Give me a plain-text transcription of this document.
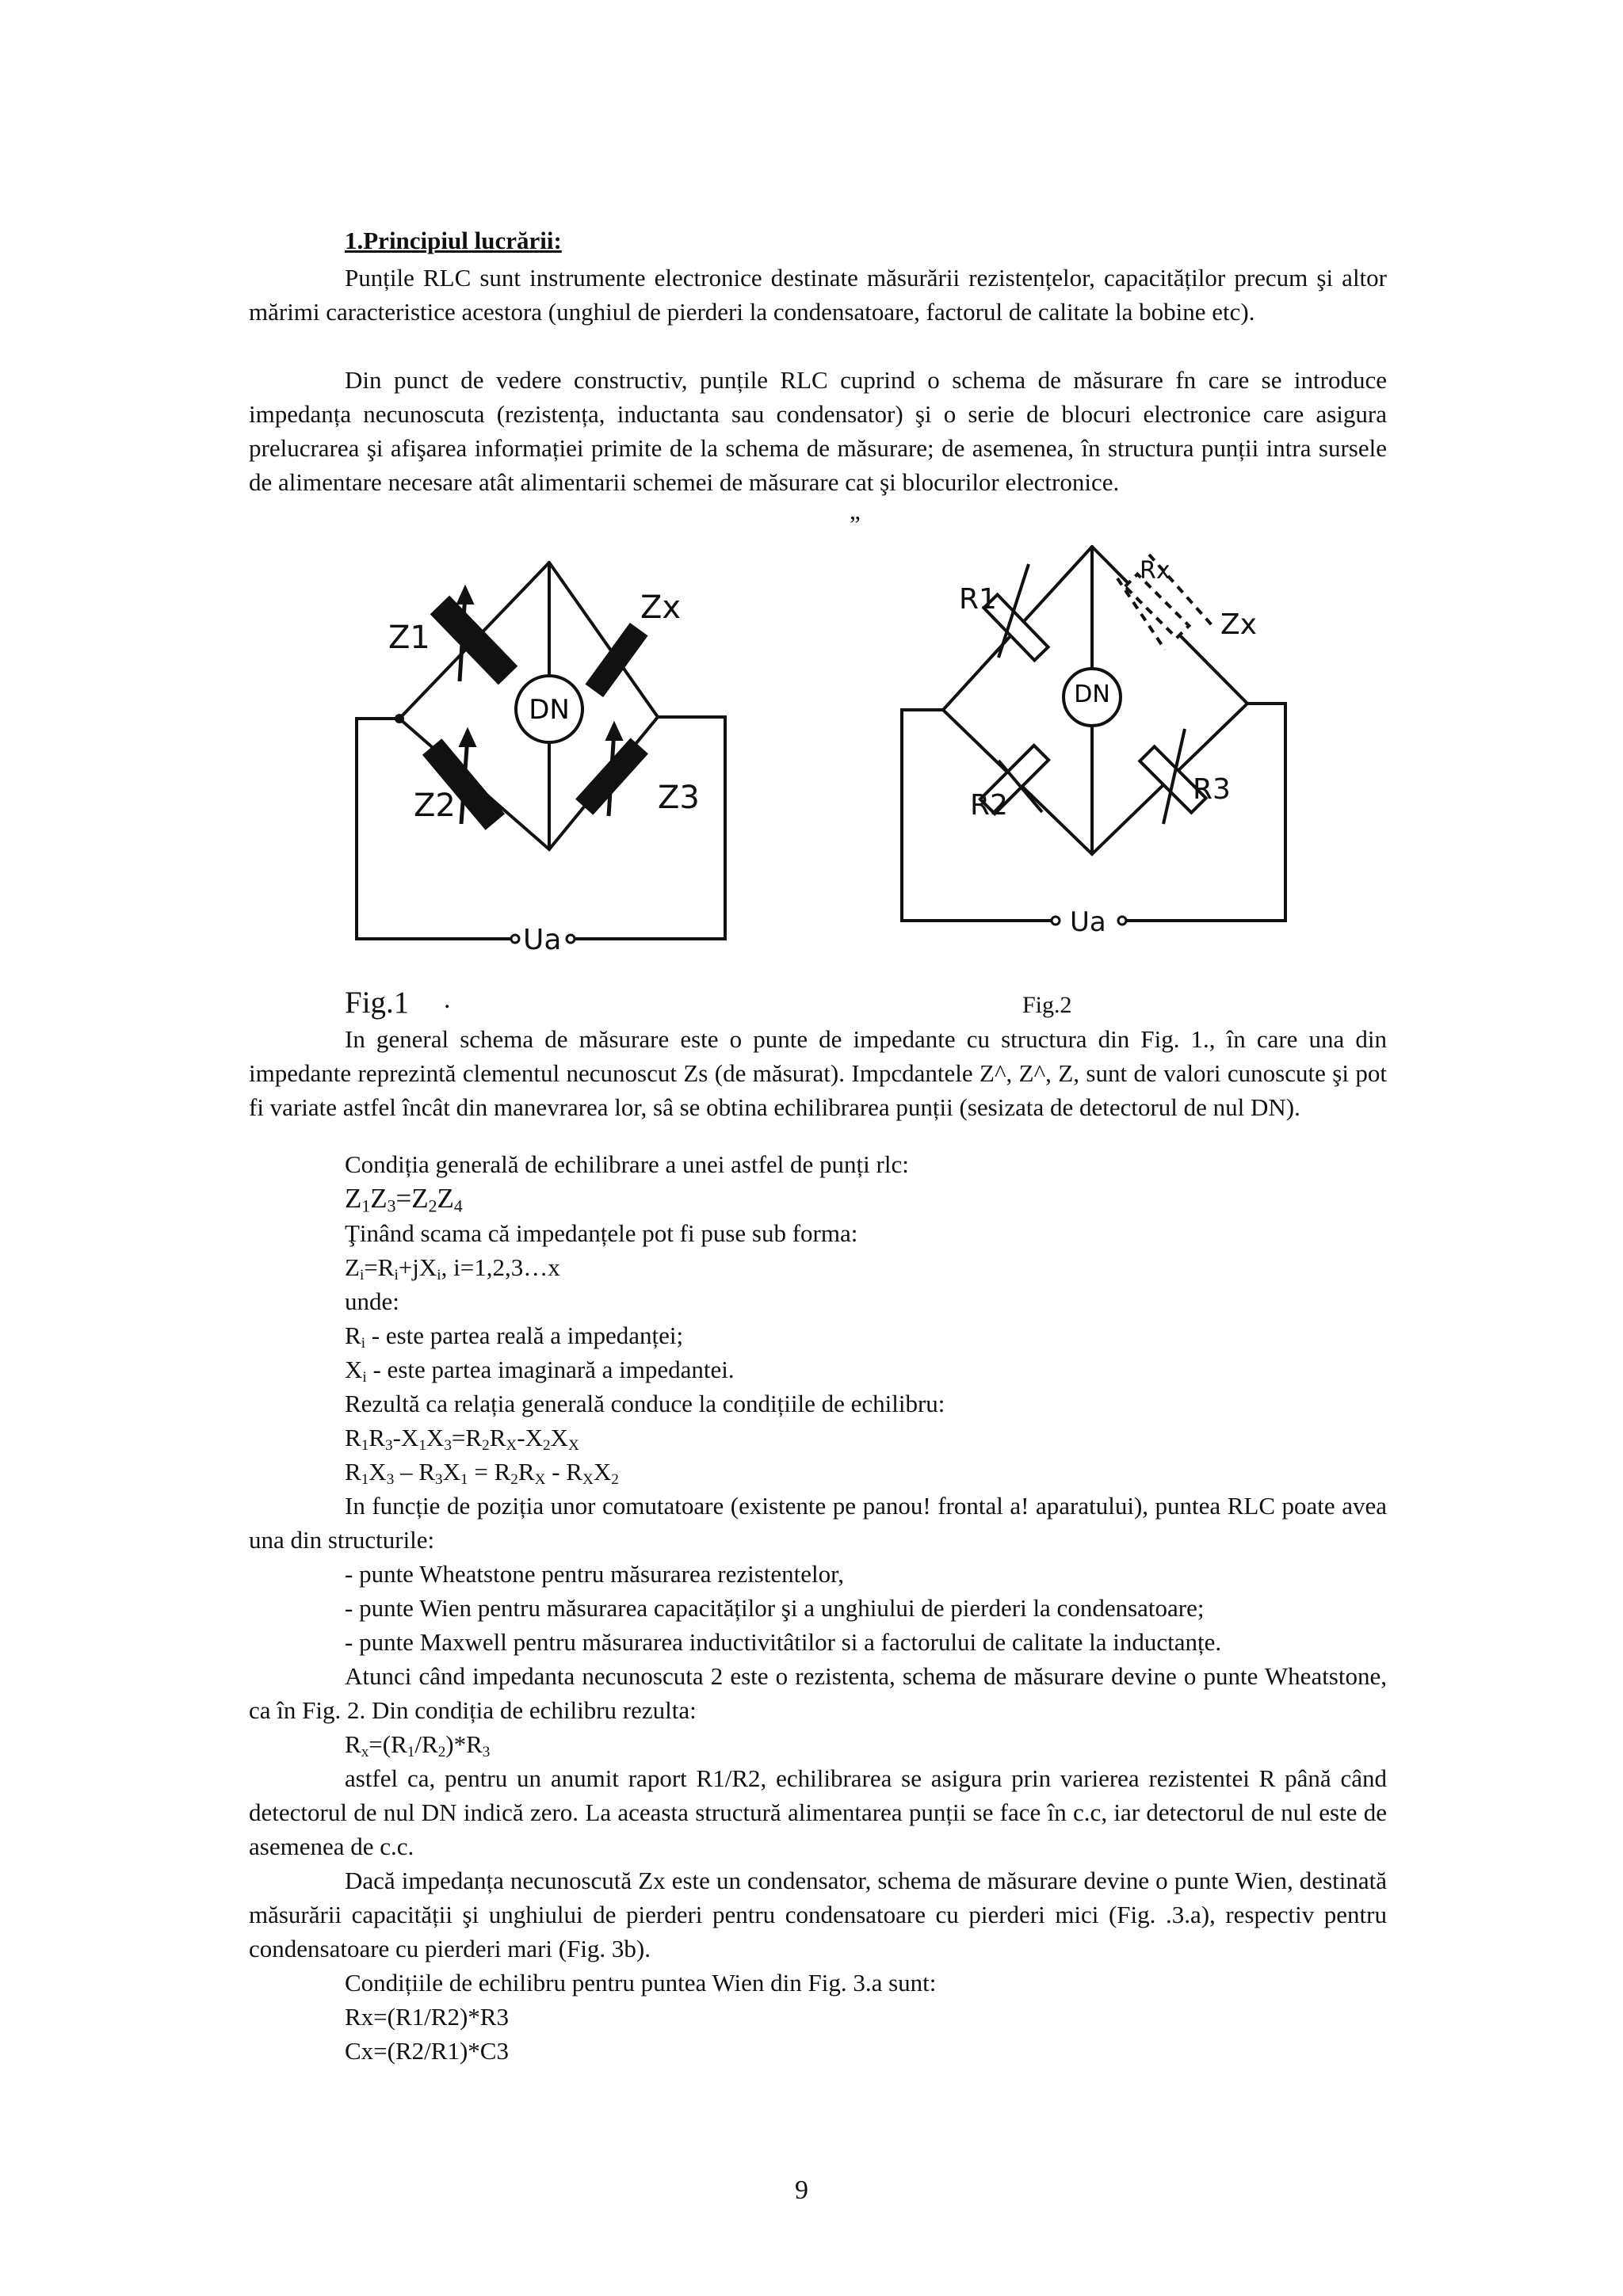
1.Principiul lucrării:
Punțile RLC sunt instrumente electronice destinate măsurării rezistențelor, capacităților precum şi altor mărimi caracteristice acestora (unghiul de pierderi la condensatoare, factorul de calitate la bobine etc).
Din punct de vedere constructiv, punțile RLC cuprind o schema de măsurare fn care se introduce impedanța necunoscuta (rezistența, inductanta sau condensator) şi o serie de blocuri electronice care asigura prelucrarea şi afişarea informației primite de la schema de măsurare; de asemenea, în structura punții intra sursele de alimentare necesare atât alimentarii schemei de măsurare cat şi blocurilor electronice.
„
DN
Z1
Zx
Z2	Z3
Ua
DN
R1
R2	R3
Rx
Zx
Ua
Fig.1 .	Fig.2
In general schema de măsurare este o punte de impedante cu structura din Fig. 1., în care una din impedante reprezintă clementul necunoscut Zs (de măsurat). Impcdantele Z^, Z^, Z, sunt de valori cunoscute şi pot fi variate astfel încât din manevrarea lor, sâ se obtina echilibrarea punții (sesizata de detectorul de nul DN).
Condiția generală de echilibrare a unei astfel de punți rlc:
$Z_1Z_3=Z_2Z_4$
Ţinând scama că impedanțele pot fi puse sub forma:
$Z_i=R_i+jX_i$, i=1,2,3…x
unde:
$R_i$ - este partea reală a impedanței;
$X_i$ - este partea imaginară a impedantei.
Rezultă ca relația generală conduce la condițiile de echilibru:
$R_1R_3-X_1X_3=R_2R_X-X_2X_X$
$R_1X_3 - R_3X_1 = R_2R_X - R_XX_2$
In funcție de poziția unor comutatoare (existente pe panou! frontal a! aparatului), puntea RLC poate avea una din structurile:
- punte Wheatstone pentru măsurarea rezistentelor,
- punte Wien pentru măsurarea capacităților şi a unghiului de pierderi la condensatoare;
- punte Maxwell pentru măsurarea inductivitâtilor si a factorului de calitate la inductanțe.
Atunci când impedanta necunoscuta 2 este o rezistenta, schema de măsurare devine o punte Wheatstone, ca în Fig. 2. Din condiția de echilibru rezulta:
$R_x=(R_1/R_2)*R_3$
astfel ca, pentru un anumit raport R1/R2, echilibrarea se asigura prin varierea rezistentei R până când detectorul de nul DN indică zero. La aceasta structură alimentarea punții se face în c.c, iar detectorul de nul este de asemenea de c.c.
Dacă impedanța necunoscută Zx este un condensator, schema de măsurare devine o punte Wien, destinată măsurării capacității şi unghiului de pierderi pentru condensatoare cu pierderi mici (Fig. .3.a), respectiv pentru condensatoare cu pierderi mari (Fig. 3b).
Condițiile de echilibru pentru puntea Wien din Fig. 3.a sunt:
Rx=(R1/R2)*R3
Cx=(R2/R1)*C3
9
